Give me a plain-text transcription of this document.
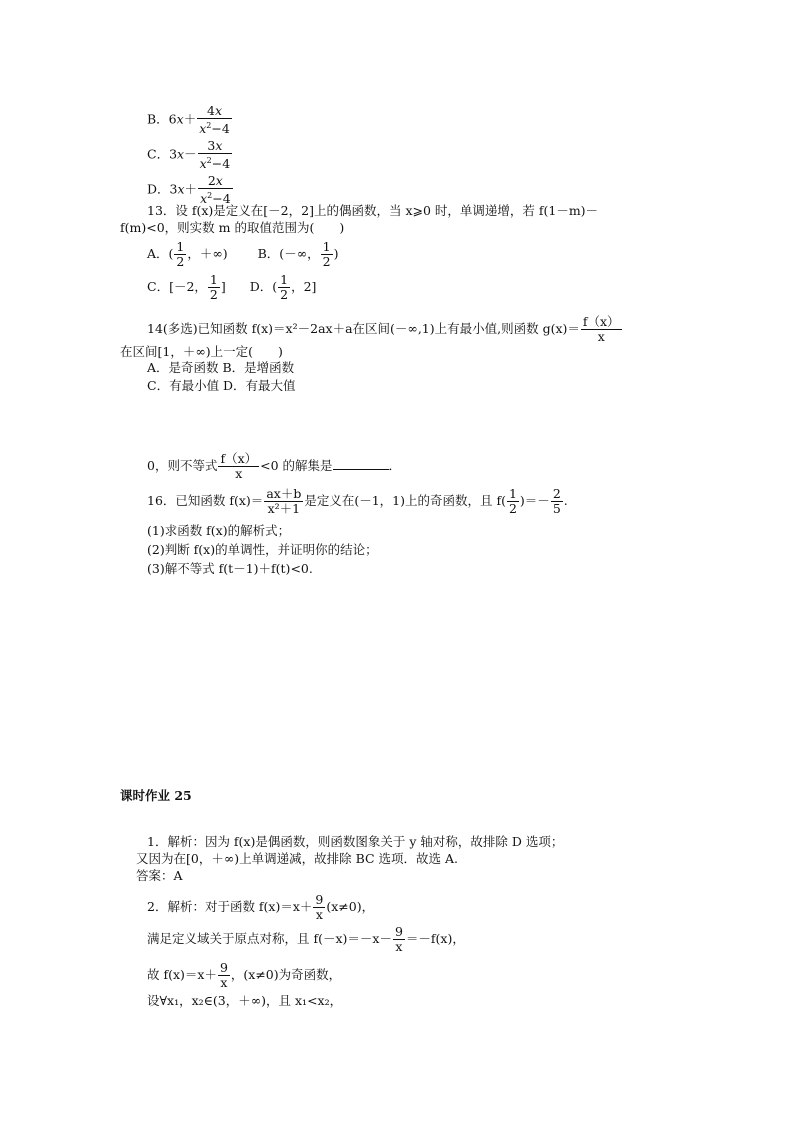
B．$6x+ \frac{4x}{x^2-4}$
C．$3x- \frac{3x}{x^2-4}$
D．$3x+ \frac{2x}{x^2-4}$
13．设 f(x)是定义在[－2，2]上的偶函数，当 x⩾0 时，单调递增，若 f(1－m)－
f(m)<0，则实数 m 的取值范围为(　　)
A．( $\frac{1}{2}$ ，＋∞) B．(－∞， $\frac{1}{2}$ )
C．[－2， $\frac{1}{2}$ ] D．( $\frac{1}{2}$ ，2]
14(多选)已知函数 f(x)＝x²－2ax＋a在区间(－∞,1)上有最小值,则函数 $g(x)= \frac{f(x)}{x}$
在区间[1，＋∞)上一定(　　)
A．是奇函数 B．是增函数
C．有最小值 D．有最大值
0，则不等式 $\frac{f(x)}{x} <0$ 的解集是	．
16．已知函数 $f(x)= \frac{ax+b}{\text{x²＋1}}$ 是定义在(－1，1)上的奇函数，且 $f( \frac{1}{2}$ )＝－ $\frac{2}{5}$ .
(1)求函数 f(x)的解析式；
(2)判断 f(x)的单调性，并证明你的结论；
(3)解不等式 f(t－1)＋f(t)<0.
课时作业 25
1．解析：因为 f(x)是偶函数，则函数图象关于 y 轴对称，故排除 D 选项；
又因为在[0，＋∞)上单调递减，故排除 BC 选项．故选 A.
答案：A
2．解析：对于函数 $f(x)=x+ \frac{9}{x} (x\ne 0)$，
满足定义域关于原点对称，且 $f(-x)=-x- \frac{9}{x} =-f(x)$，
故 $f(x)=x+ \frac{9}{x}$ ，(x≠0)为奇函数，
设∀x₁，x₂∈(3，＋∞)，且 x₁<x₂，
